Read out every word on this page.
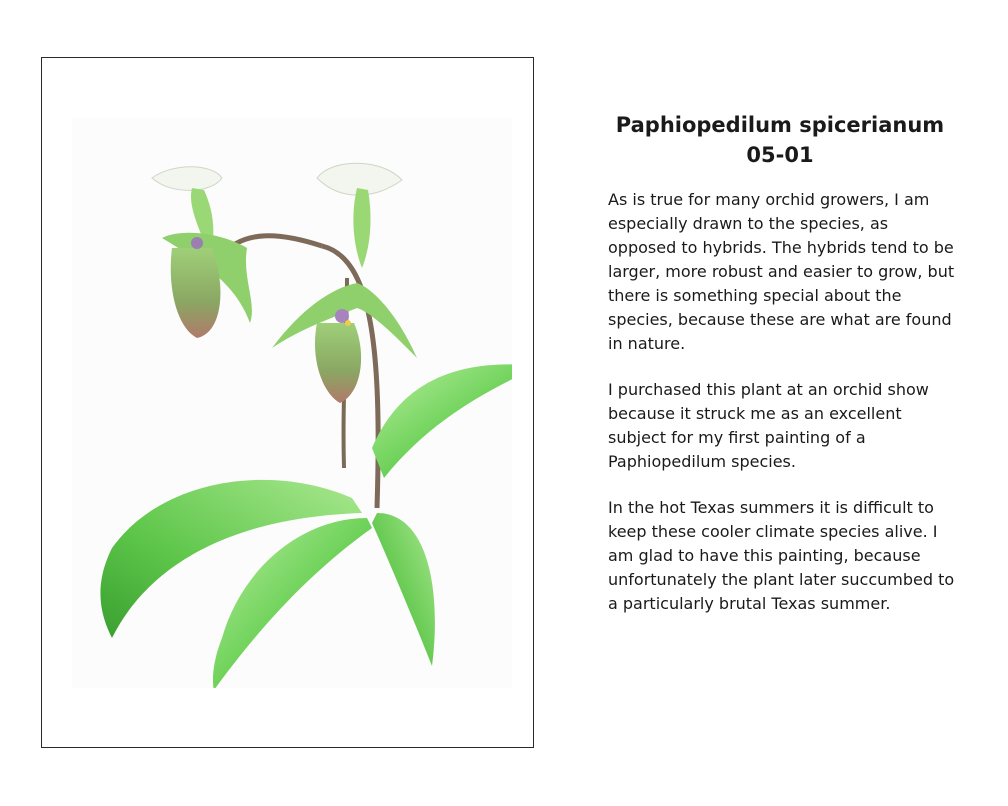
Paphiopedilum spicerianum
05-01

As is true for many orchid growers, I am especially drawn to the species, as opposed to hybrids. The hybrids tend to be larger, more robust and easier to grow, but there is something special about the species, because these are what are found in nature.

I purchased this plant at an orchid show because it struck me as an excellent subject for my first painting of a Paphiopedilum species.

In the hot Texas summers it is difficult to keep these cooler climate species alive. I am glad to have this painting, because unfortunately the plant later succumbed to a particularly brutal Texas summer.
